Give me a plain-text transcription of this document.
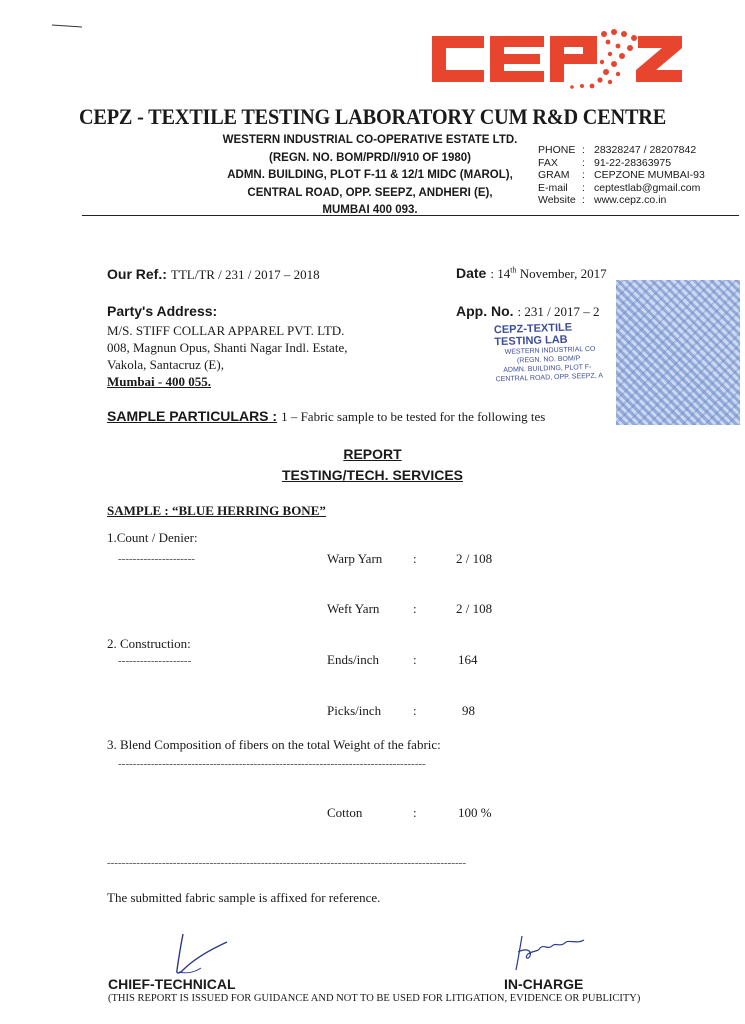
CEPZ - TEXTILE TESTING LABORATORY CUM R&D CENTRE
WESTERN INDUSTRIAL CO-OPERATIVE ESTATE LTD.
(REGN. NO. BOM/PRD/I/910 OF 1980)
ADMN. BUILDING, PLOT F-11 & 12/1 MIDC (MAROL),
CENTRAL ROAD, OPP. SEEPZ, ANDHERI (E),
MUMBAI 400 093.
PHONE : 28328247 / 28207842
FAX	: 91-22-28363975
GRAM	: CEPZONE MUMBAI-93
E-mail	: ceptestlab@gmail.com
Website : www.cepz.co.in
Our Ref.: TTL/TR / 231 / 2017 – 2018	Date : 14th November, 2017
Party's Address:
M/S. STIFF COLLAR APPAREL PVT. LTD.
008, Magnun Opus, Shanti Nagar Indl. Estate,
Vakola, Santacruz (E),
Mumbai - 400 055.
App. No. : 231 / 2017 – 2
CEPZ-TEXTILE TESTING LAB
WESTERN INDUSTRIAL CO
(REGN. NO. BOM/P
ADMN. BUILDING, PLOT F-
CENTRAL ROAD, OPP. SEEPZ, A
SAMPLE PARTICULARS : 1 – Fabric sample to be tested for the following tes
REPORT
TESTING/TECH. SERVICES
SAMPLE : “BLUE HERRING BONE”
1.Count / Denier:
---------------------	Warp Yarn :	2 / 108
Weft Yarn	:	2 / 108
2. Construction:
--------------------	Ends/inch	:	164
Picks/inch :	98
3. Blend Composition of fibers on the total Weight of the fabric:
------------------------------------------------------------------------------------
Cotton	:	100 %
--------------------------------------------------------------------------------------------------
The submitted fabric sample is affixed for reference.
CHIEF-TECHNICAL	IN-CHARGE
(THIS REPORT IS ISSUED FOR GUIDANCE AND NOT TO BE USED FOR LITIGATION, EVIDENCE OR PUBLICITY)
